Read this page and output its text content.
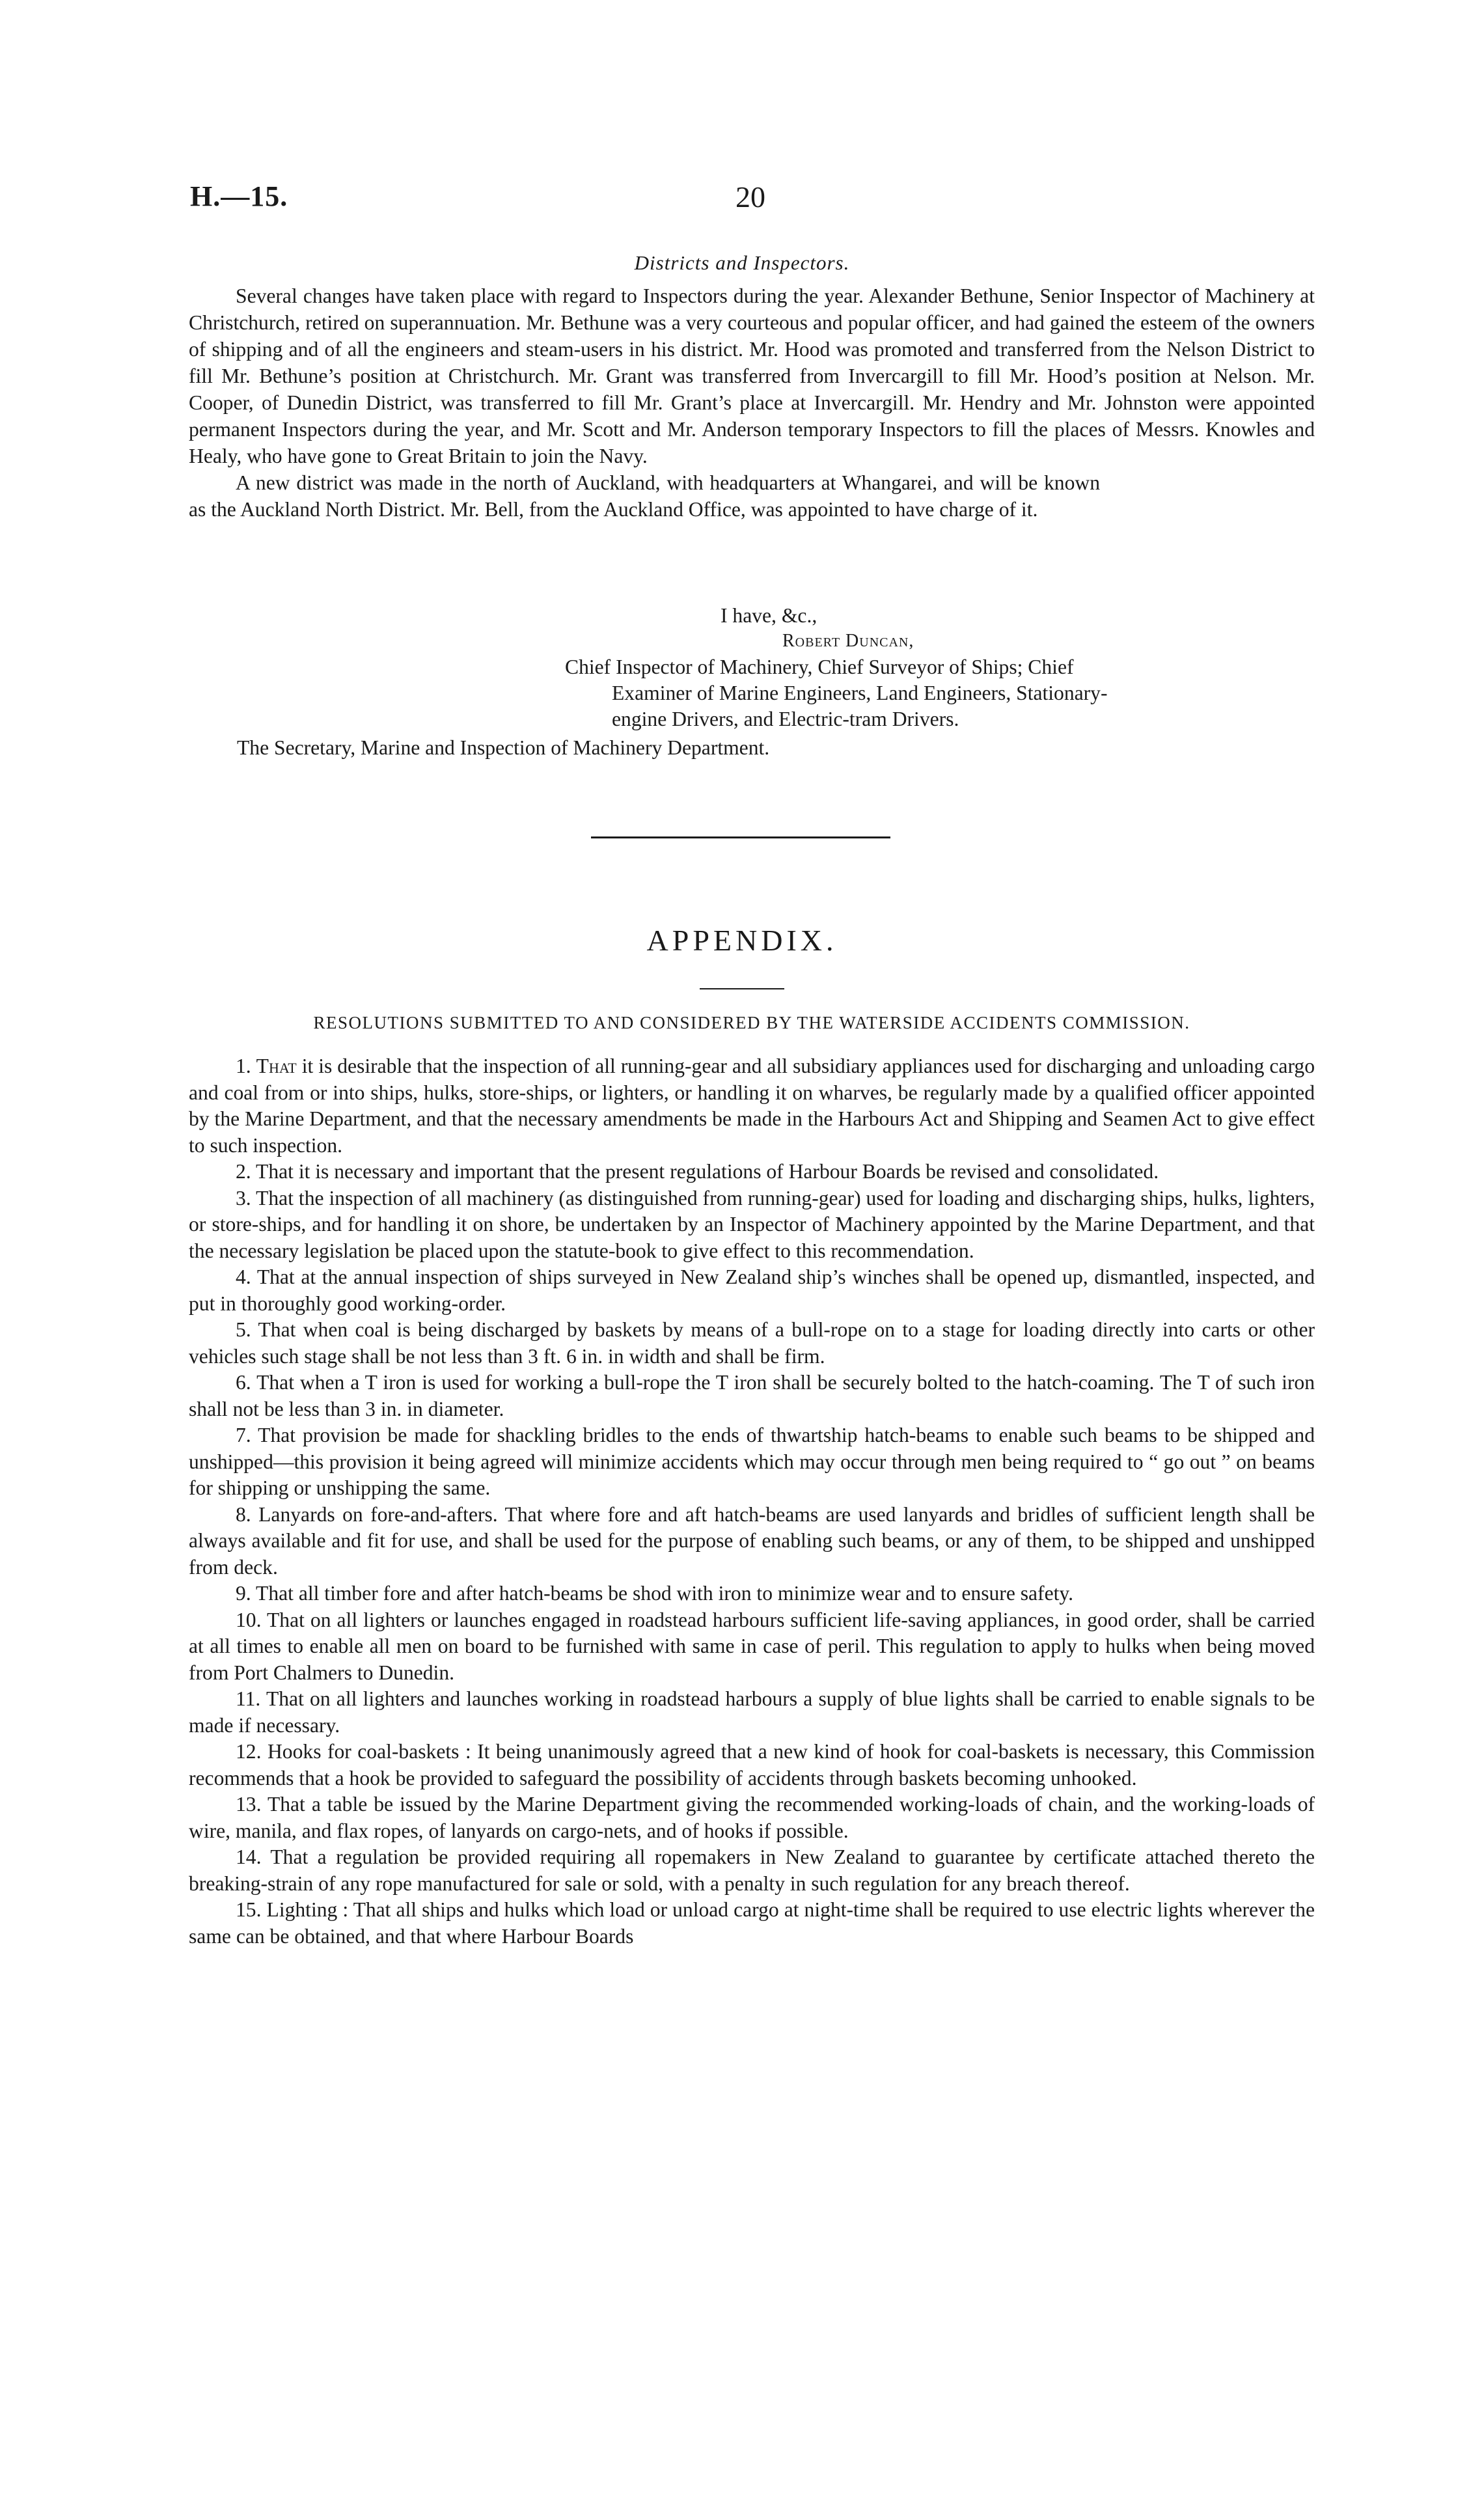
H.—15.	20
Districts and Inspectors.

Several changes have taken place with regard to Inspectors during the year. Alexander Bethune, Senior Inspector of Machinery at Christchurch, retired on superannuation. Mr. Bethune was a very courteous and popular officer, and had gained the esteem of the owners of shipping and of all the engineers and steam-users in his district. Mr. Hood was promoted and transferred from the Nelson District to fill Mr. Bethune’s position at Christchurch. Mr. Grant was transferred from Invercargill to fill Mr. Hood’s position at Nelson. Mr. Cooper, of Dunedin District, was transferred to fill Mr. Grant’s place at Invercargill. Mr. Hendry and Mr. Johnston were appointed permanent Inspectors during the year, and Mr. Scott and Mr. Anderson temporary Inspectors to fill the places of Messrs. Knowles and Healy, who have gone to Great Britain to join the Navy.

A new district was made in the north of Auckland, with headquarters at Whangarei, and will be known as the Auckland North District. Mr. Bell, from the Auckland Office, was appointed to have charge of it.

I have, &c.,
Robert Duncan,
Chief Inspector of Machinery, Chief Surveyor of Ships; Chief
Examiner of Marine Engineers, Land Engineers, Stationary-
engine Drivers, and Electric-tram Drivers.
The Secretary, Marine and Inspection of Machinery Department.
APPENDIX.
RESOLUTIONS SUBMITTED TO AND CONSIDERED BY THE WATERSIDE ACCIDENTS COMMISSION.

1. That it is desirable that the inspection of all running-gear and all subsidiary appliances used for discharging and unloading cargo and coal from or into ships, hulks, store-ships, or lighters, or handling it on wharves, be regularly made by a qualified officer appointed by the Marine Department, and that the necessary amendments be made in the Harbours Act and Shipping and Seamen Act to give effect to such inspection.

2. That it is necessary and important that the present regulations of Harbour Boards be revised and consolidated.

3. That the inspection of all machinery (as distinguished from running-gear) used for loading and discharging ships, hulks, lighters, or store-ships, and for handling it on shore, be undertaken by an Inspector of Machinery appointed by the Marine Department, and that the necessary legislation be placed upon the statute-book to give effect to this recommendation.

4. That at the annual inspection of ships surveyed in New Zealand ship’s winches shall be opened up, dismantled, inspected, and put in thoroughly good working-order.

5. That when coal is being discharged by baskets by means of a bull-rope on to a stage for loading directly into carts or other vehicles such stage shall be not less than 3 ft. 6 in. in width and shall be firm.

6. That when a T iron is used for working a bull-rope the T iron shall be securely bolted to the hatch-coaming. The T of such iron shall not be less than 3 in. in diameter.

7. That provision be made for shackling bridles to the ends of thwartship hatch-beams to enable such beams to be shipped and unshipped—this provision it being agreed will minimize accidents which may occur through men being required to “ go out ” on beams for shipping or unshipping the same.

8. Lanyards on fore-and-afters. That where fore and aft hatch-beams are used lanyards and bridles of sufficient length shall be always available and fit for use, and shall be used for the purpose of enabling such beams, or any of them, to be shipped and unshipped from deck.

9. That all timber fore and after hatch-beams be shod with iron to minimize wear and to ensure safety.

10. That on all lighters or launches engaged in roadstead harbours sufficient life-saving appliances, in good order, shall be carried at all times to enable all men on board to be furnished with same in case of peril. This regulation to apply to hulks when being moved from Port Chalmers to Dunedin.

11. That on all lighters and launches working in roadstead harbours a supply of blue lights shall be carried to enable signals to be made if necessary.

12. Hooks for coal-baskets : It being unanimously agreed that a new kind of hook for coal-baskets is necessary, this Commission recommends that a hook be provided to safeguard the possibility of accidents through baskets becoming unhooked.

13. That a table be issued by the Marine Department giving the recommended working-loads of chain, and the working-loads of wire, manila, and flax ropes, of lanyards on cargo-nets, and of hooks if possible.

14. That a regulation be provided requiring all ropemakers in New Zealand to guarantee by certificate attached thereto the breaking-strain of any rope manufactured for sale or sold, with a penalty in such regulation for any breach thereof.

15. Lighting : That all ships and hulks which load or unload cargo at night-time shall be required to use electric lights wherever the same can be obtained, and that where Harbour Boards
